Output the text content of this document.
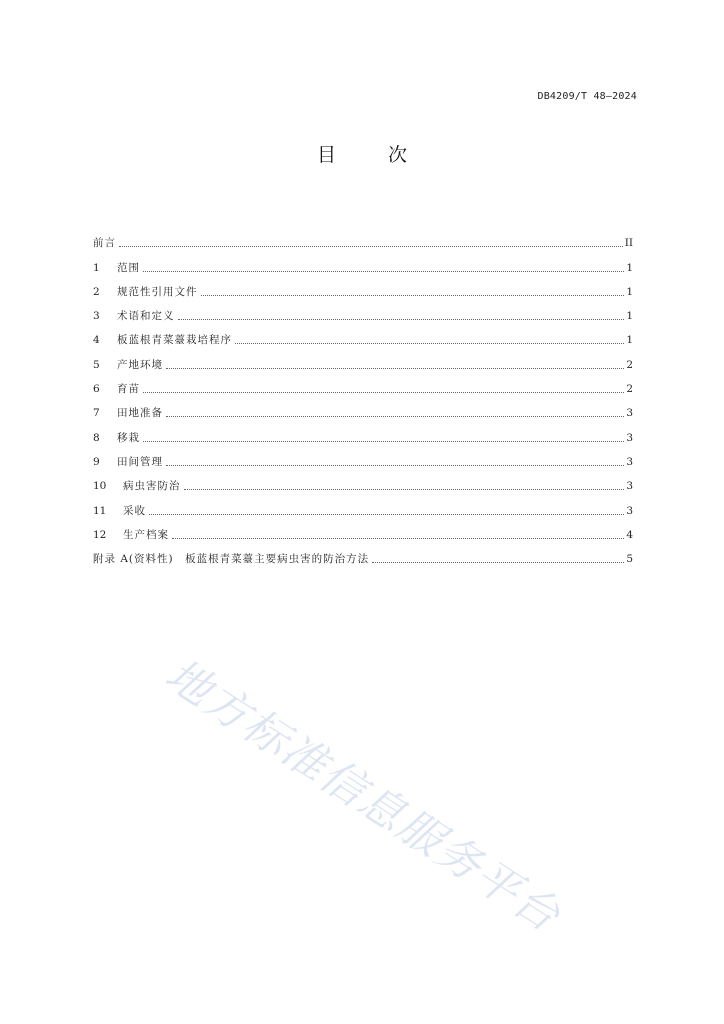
DB4209/T 48—2024
目次
前言	II
1	范围	1
2	规范性引用文件	1
3	术语和定义	1
4	板蓝根青菜薹栽培程序	1
5	产地环境	2
6	育苗	2
7	田地准备	3
8	移栽	3
9	田间管理	3
10	病虫害防治	3
11	采收	3
12	生产档案	4
附录 A(资料性)　板蓝根青菜薹主要病虫害的防治方法	5
地方标准信息服务平台
